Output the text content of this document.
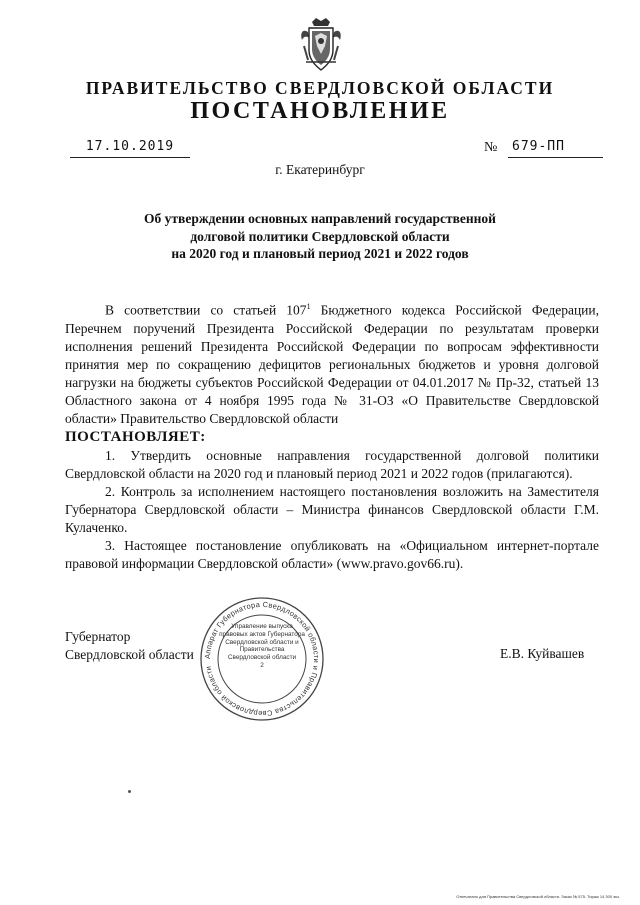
ПРАВИТЕЛЬСТВО СВЕРДЛОВСКОЙ ОБЛАСТИ
ПОСТАНОВЛЕНИЕ
17.10.2019	№	679-ПП
г. Екатеринбург
Об утверждении основных направлений государственной
долговой политики Свердловской области
на 2020 год и плановый период 2021 и 2022 годов

В соответствии со статьей $107^1$ Бюджетного кодекса Российской Федерации, Перечнем поручений Президента Российской Федерации по результатам проверки исполнения решений Президента Российской Федерации по вопросам эффективности принятия мер по сокращению дефицитов региональных бюджетов и уровня долговой нагрузки на бюджеты субъектов Российской Федерации от 04.01.2017 № Пр-32, статьей 13 Областного закона от 4 ноября 1995 года № 31-ОЗ «О Правительстве Свердловской области» Правительство Свердловской области

ПОСТАНОВЛЯЕТ:

1. Утвердить основные направления государственной долговой политики Свердловской области на 2020 год и плановый период 2021 и 2022 годов (прилагаются).

2. Контроль за исполнением настоящего постановления возложить на Заместителя Губернатора Свердловской области – Министра финансов Свердловской области Г.М. Кулаченко.

3. Настоящее постановление опубликовать на «Официальном интернет-портале правовой информации Свердловской области» (www.pravo.gov66.ru).

Губернатор
Свердловской области	Е.В. Куйвашев
Аппарат Губернатора Свердловской области и Правительства Свердловской области
Управление выпуска правовых актов Губернатора Свердловской области и Правительства Свердловской области
2
Отпечатано для Правительства Свердловской области. Заказ № 575. Тираж 14 300 экз.
